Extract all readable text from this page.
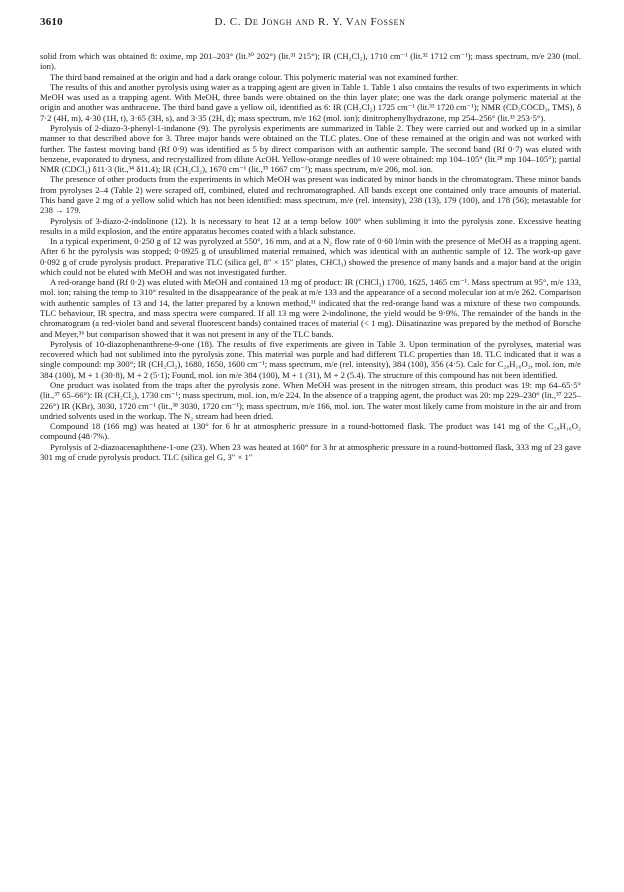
3610	D. C. De Jongh and R. Y. Van Fossen

solid from which was obtained 8: oxime, mp 201–203° (lit.³⁰ 202°) (lit.³¹ 215°); IR (CH₂Cl₂), 1710 cm⁻¹ (lit.³² 1712 cm⁻¹); mass spectrum, m/e 230 (mol. ion).

The third band remained at the origin and had a dark orange colour. This polymeric material was not examined further.

The results of this and another pyrolysis using water as a trapping agent are given in Table 1. Table 1 also contains the results of two experiments in which MeOH was used as a trapping agent. With MeOH, three bands were obtained on the thin layer plate; one was the dark orange polymeric material at the origin and another was anthracene. The third band gave a yellow oil, identified as 6: IR (CH₂Cl₂) 1725 cm⁻¹ (lit.³³ 1720 cm⁻¹); NMR (CD₃COCD₃, TMS), δ 7·2 (4H, m), 4·30 (1H, t), 3·65 (3H, s), and 3·35 (2H, d); mass spectrum, m/e 162 (mol. ion); dinitrophenylhydrazone, mp 254–256° (lit.³³ 253·5°).

Pyrolysis of 2-diazo-3-phenyl-1-indanone (9). The pyrolysis experiments are summarized in Table 2. They were carried out and worked up in a similar manner to that described above for 3. Three major bands were obtained on the TLC plates. One of these remained at the origin and was not worked with further. The fastest moving band (Rf 0·9) was identified as 5 by direct comparison with an authentic sample. The second band (Rf 0·7) was eluted with benzene, evaporated to dryness, and recrystallized from dilute AcOH. Yellow-orange needles of 10 were obtained: mp 104–105° (lit.²⁸ mp 104–105°); partial NMR (CDCl₃) δ11·3 (lit.,³⁴ δ11.4); IR (CH₂Cl₂), 1670 cm⁻¹ (lit.,³⁵ 1667 cm⁻¹); mass spectrum, m/e 206, mol. ion.

The presence of other products from the experiments in which MeOH was present was indicated by minor bands in the chromatogram. These minor bands from pyrolyses 2–4 (Table 2) were scraped off, combined, eluted and rechromatographed. All bands except one contained only trace amounts of material. This band gave 2 mg of a yellow solid which has not been identified: mass spectrum, m/e (rel. intensity), 238 (13), 179 (100), and 178 (56); metastable for 238 → 179.

Pyrolysis of 3-diazo-2-indolinone (12). It is necessary to heat 12 at a temp below 100° when subliming it into the pyrolysis zone. Excessive heating results in a mild explosion, and the entire apparatus becomes coated with a black substance.

In a typical experiment, 0·250 g of 12 was pyrolyzed at 550°, 16 mm, and at a N₂ flow rate of 0·60 l/min with the presence of MeOH as a trapping agent. After 6 hr the pyrolysis was stopped; 0·0925 g of unsublimed material remained, which was identical with an authentic sample of 12. The work-up gave 0·092 g of crude pyrolysis product. Preparative TLC (silica gel, 8″ × 15″ plates, CHCl₃) showed the presence of many bands and a major band at the origin which could not be eluted with MeOH and was not investigated further.

A red-orange band (Rf 0·2) was eluted with MeOH and contained 13 mg of product: IR (CHCl₃) 1700, 1625, 1465 cm⁻¹. Mass spectrum at 95°, m/e 133, mol. ion; raising the temp to 310° resulted in the disappearance of the peak at m/e 133 and the appearance of a second molecular ion at m/e 262. Comparison with authentic samples of 13 and 14, the latter prepared by a known method,¹¹ indicated that the red-orange band was a mixture of these two compounds. TLC behaviour, IR spectra, and mass spectra were compared. If all 13 mg were 2-indolinone, the yield would be 9·9%. The remainder of the bands in the chromatogram (a red-violet band and several fluorescent bands) contained traces of material (< 1 mg). Diisatinazine was prepared by the method of Borsche and Meyer,³⁶ but comparison showed that it was not present in any of the TLC bands.

Pyrolysis of 10-diazophenanthrene-9-one (18). The results of five experiments are given in Table 3. Upon termination of the pyrolyses, material was recovered which had not sublimed into the pyrolysis zone. This material was purple and had different TLC properties than 18. TLC indicated that it was a single compound: mp 300°; IR (CH₂Cl₂), 1680, 1650, 1600 cm⁻¹; mass spectrum, m/e (rel. intensity), 384 (100), 356 (4·5). Calc for C₂₈H₁₆O₂, mol. ion, m/e 384 (100), M + 1 (30·8), M + 2 (5·1); Found, mol. ion m/e 384 (100), M + 1 (31), M + 2 (5.4). The structure of this compound has not been identified.

One product was isolated from the traps after the pyrolysis zone. When MeOH was present in the nitrogen stream, this product was 19: mp 64–65·5° (lit.,³⁷ 65–66°): IR (CH₂Cl₂), 1730 cm⁻¹; mass spectrum, mol. ion, m/e 224. In the absence of a trapping agent, the product was 20: mp 229–230° (lit.,³⁷ 225–226°) IR (KBr), 3030, 1720 cm⁻¹ (lit.,³⁸ 3030, 1720 cm⁻¹); mass spectrum, m/e 166, mol. ion. The water most likely came from moisture in the air and from undried solvents used in the workup. The N₂ stream had been dried.

Compound 18 (166 mg) was heated at 130° for 6 hr at atmospheric pressure in a round-bottomed flask. The product was 141 mg of the C₂₈H₁₆O₂ compound (48·7%).

Pyrolysis of 2-diazoacenaphthene-1-one (23). When 23 was heated at 160° for 3 hr at atmospheric pressure in a round-bottomed flask, 333 mg of 23 gave 301 mg of crude pyrolysis product. TLC (silica gel G, 3″ × 1″
